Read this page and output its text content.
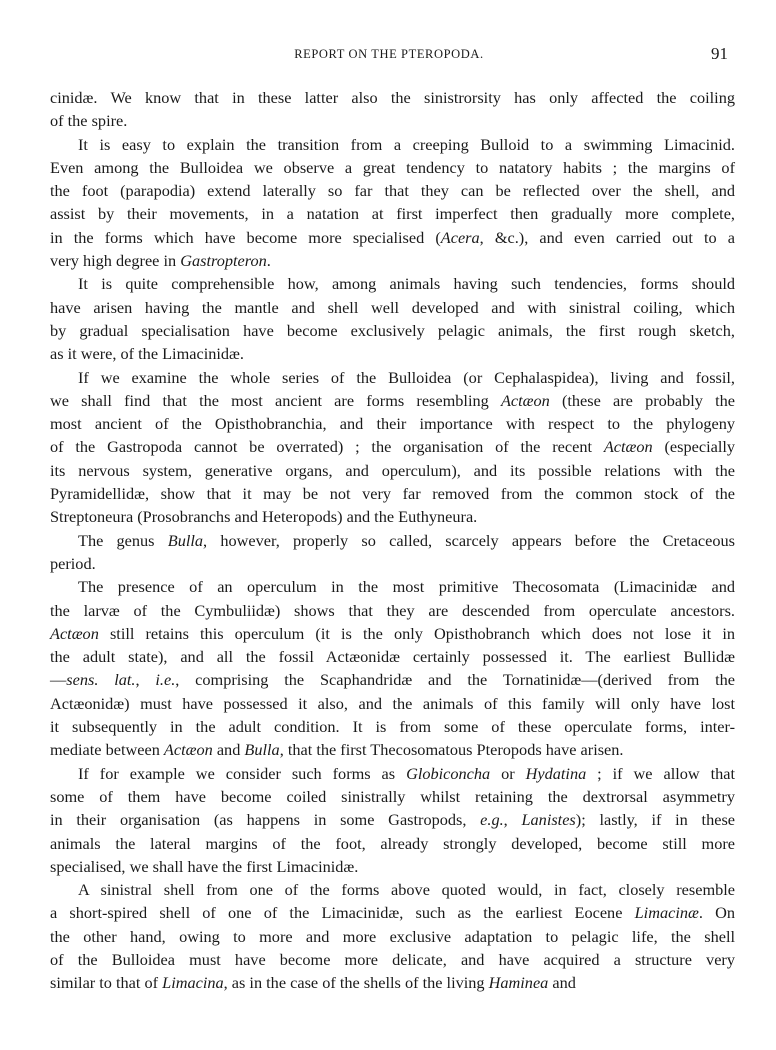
REPORT ON THE PTEROPODA.	91

cinidæ. We know that in these latter also the sinistrorsity has only affected the coiling
of the spire.

It is easy to explain the transition from a creeping Bulloid to a swimming Limacinid.
Even among the Bulloidea we observe a great tendency to natatory habits ; the margins of
the foot (parapodia) extend laterally so far that they can be reflected over the shell, and
assist by their movements, in a natation at first imperfect then gradually more complete,
in the forms which have become more specialised (Acera, &c.), and even carried out to a
very high degree in Gastropteron.

It is quite comprehensible how, among animals having such tendencies, forms should
have arisen having the mantle and shell well developed and with sinistral coiling, which
by gradual specialisation have become exclusively pelagic animals, the first rough sketch,
as it were, of the Limacinidæ.

If we examine the whole series of the Bulloidea (or Cephalaspidea), living and fossil,
we shall find that the most ancient are forms resembling Actæon (these are probably the
most ancient of the Opisthobranchia, and their importance with respect to the phylogeny
of the Gastropoda cannot be overrated) ; the organisation of the recent Actæon (especially
its nervous system, generative organs, and operculum), and its possible relations with the
Pyramidellidæ, show that it may be not very far removed from the common stock of the
Streptoneura (Prosobranchs and Heteropods) and the Euthyneura.

The genus Bulla, however, properly so called, scarcely appears before the Cretaceous
period.

The presence of an operculum in the most primitive Thecosomata (Limacinidæ and
the larvæ of the Cymbuliidæ) shows that they are descended from operculate ancestors.
Actæon still retains this operculum (it is the only Opisthobranch which does not lose it in
the adult state), and all the fossil Actæonidæ certainly possessed it. The earliest Bullidæ
—sens. lat., i.e., comprising the Scaphandridæ and the Tornatinidæ—(derived from the
Actæonidæ) must have possessed it also, and the animals of this family will only have lost
it subsequently in the adult condition. It is from some of these operculate forms, inter-
mediate between Actæon and Bulla, that the first Thecosomatous Pteropods have arisen.

If for example we consider such forms as Globiconcha or Hydatina ; if we allow that
some of them have become coiled sinistrally whilst retaining the dextrorsal asymmetry
in their organisation (as happens in some Gastropods, e.g., Lanistes); lastly, if in these
animals the lateral margins of the foot, already strongly developed, become still more
specialised, we shall have the first Limacinidæ.

A sinistral shell from one of the forms above quoted would, in fact, closely resemble
a short-spired shell of one of the Limacinidæ, such as the earliest Eocene Limacinæ. On
the other hand, owing to more and more exclusive adaptation to pelagic life, the shell
of the Bulloidea must have become more delicate, and have acquired a structure very
similar to that of Limacina, as in the case of the shells of the living Haminea and
